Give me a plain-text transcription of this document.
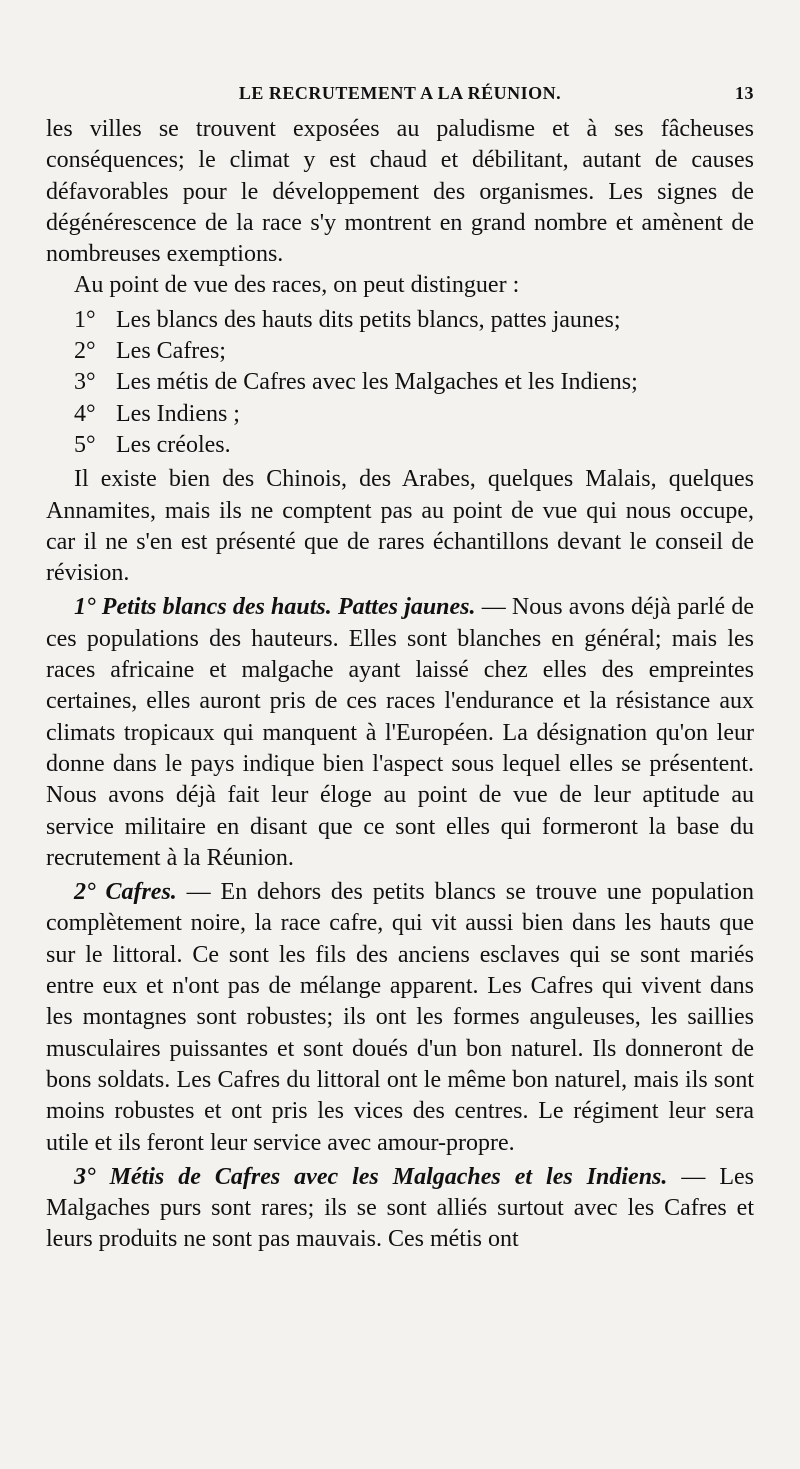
LE RECRUTEMENT A LA RÉUNION.	13

les villes se trouvent exposées au paludisme et à ses fâcheuses conséquences; le climat y est chaud et débilitant, autant de causes défavorables pour le développement des organismes. Les signes de dégénérescence de la race s'y montrent en grand nombre et amènent de nombreuses exemptions.

Au point de vue des races, on peut distinguer :

1° Les blancs des hauts dits petits blancs, pattes jaunes;

2° Les Cafres;

3° Les métis de Cafres avec les Malgaches et les Indiens;

4° Les Indiens ;

5° Les créoles.

Il existe bien des Chinois, des Arabes, quelques Malais, quelques Annamites, mais ils ne comptent pas au point de vue qui nous occupe, car il ne s'en est présenté que de rares échantillons devant le conseil de révision.

1° Petits blancs des hauts. Pattes jaunes. — Nous avons déjà parlé de ces populations des hauteurs. Elles sont blanches en général; mais les races africaine et malgache ayant laissé chez elles des empreintes certaines, elles auront pris de ces races l'endurance et la résistance aux climats tropicaux qui manquent à l'Européen. La désignation qu'on leur donne dans le pays indique bien l'aspect sous lequel elles se présentent. Nous avons déjà fait leur éloge au point de vue de leur aptitude au service militaire en disant que ce sont elles qui formeront la base du recrutement à la Réunion.

2° Cafres. — En dehors des petits blancs se trouve une population complètement noire, la race cafre, qui vit aussi bien dans les hauts que sur le littoral. Ce sont les fils des anciens esclaves qui se sont mariés entre eux et n'ont pas de mélange apparent. Les Cafres qui vivent dans les montagnes sont robustes; ils ont les formes anguleuses, les saillies musculaires puissantes et sont doués d'un bon naturel. Ils donneront de bons soldats. Les Cafres du littoral ont le même bon naturel, mais ils sont moins robustes et ont pris les vices des centres. Le régiment leur sera utile et ils feront leur service avec amour-propre.

3° Métis de Cafres avec les Malgaches et les Indiens. — Les Malgaches purs sont rares; ils se sont alliés surtout avec les Cafres et leurs produits ne sont pas mauvais. Ces métis ont
